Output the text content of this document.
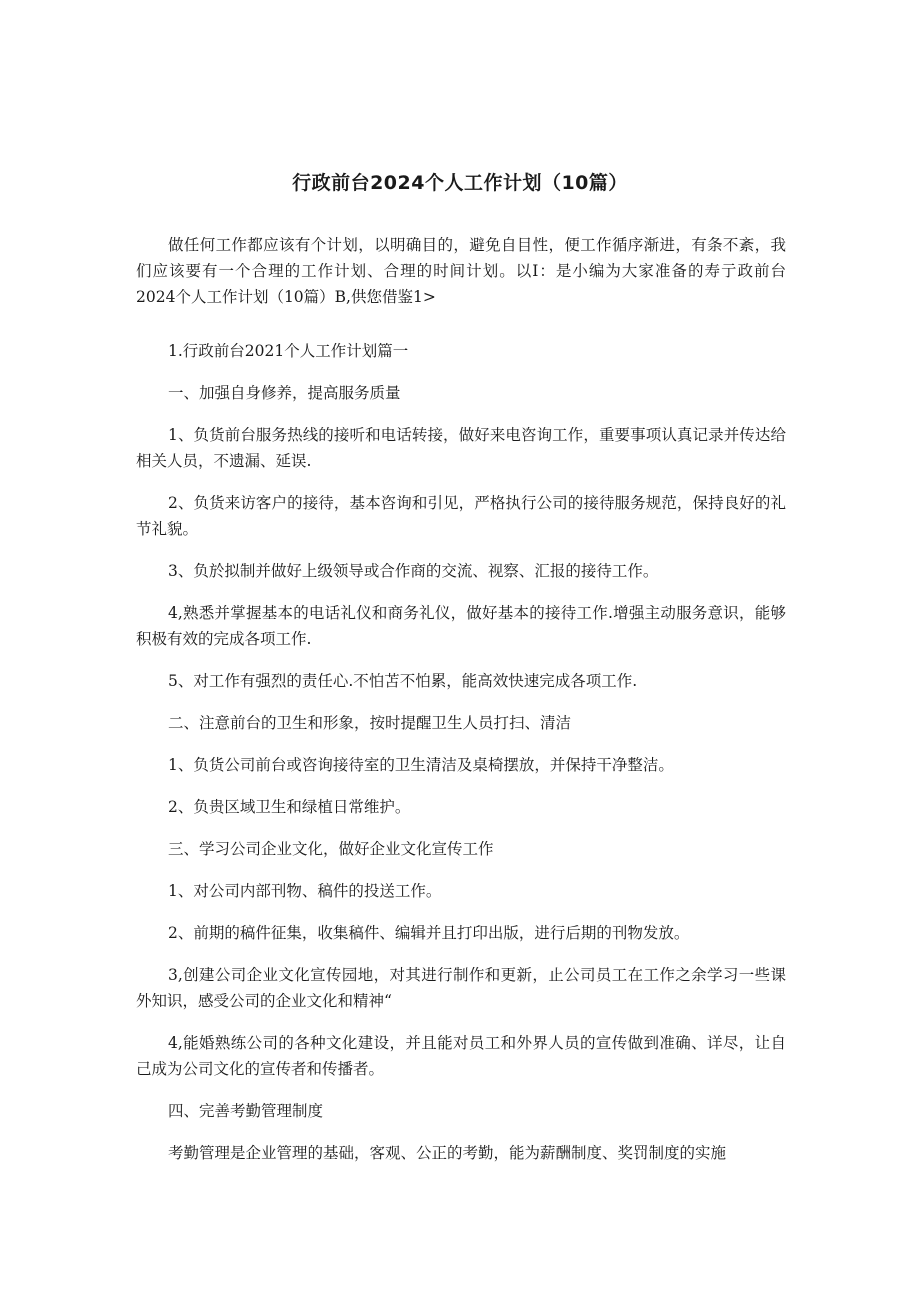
行政前台2024个人工作计划（10篇）

做任何工作都应该有个计划，以明确目的，避免自目性，便工作循序渐进，有条不紊，我们应该要有一个合理的工作计划、合理的时间计划。以I：是小编为大家准备的寿亍政前台2024个人工作计划（10篇）B,供您借鉴1>

1.行政前台2021个人工作计划篇一

一、加强自身修养，提高服务质量

1、负货前台服务热线的接听和电话转接，做好来电咨询工作，重要事项认真记录并传达给相关人员，不遗漏、延误.

2、负货来访客户的接待，基本咨询和引见，严格执行公司的接待服务规范，保持良好的礼节礼貌。

3、负於拟制并做好上级领导或合作商的交流、视察、汇报的接待工作。

4,熟悉并掌握基本的电话礼仪和商务礼仪，做好基本的接待工作.增强主动服务意识，能够积极有效的完成各项工作.

5、对工作有强烈的责任心.不怕苫不怕累，能高效快速完成各项工作.

二、注意前台的卫生和形象，按时提醒卫生人员打扫、清洁

1、负货公司前台或咨询接待室的卫生清洁及桌椅摆放，并保持干净整洁。

2、负贵区域卫生和绿植日常维护。

三、学习公司企业文化，做好企业文化宣传工作

1、对公司内部刊物、稿件的投送工作。

2、前期的稿件征集，收集稿件、编辑并且打印出版，进行后期的刊物发放。

3,创建公司企业文化宣传园地，对其进行制作和更新，止公司员工在工作之余学习一些课外知识，感受公司的企业文化和精神“

4,能婚熟练公司的各种文化建设，并且能对员工和外界人员的宣传做到准确、详尽，让自己成为公司文化的宣传者和传播者。

四、完善考勤管理制度

考勤管理是企业管理的基础，客观、公正的考勤，能为薪酬制度、奖罚制度的实施
